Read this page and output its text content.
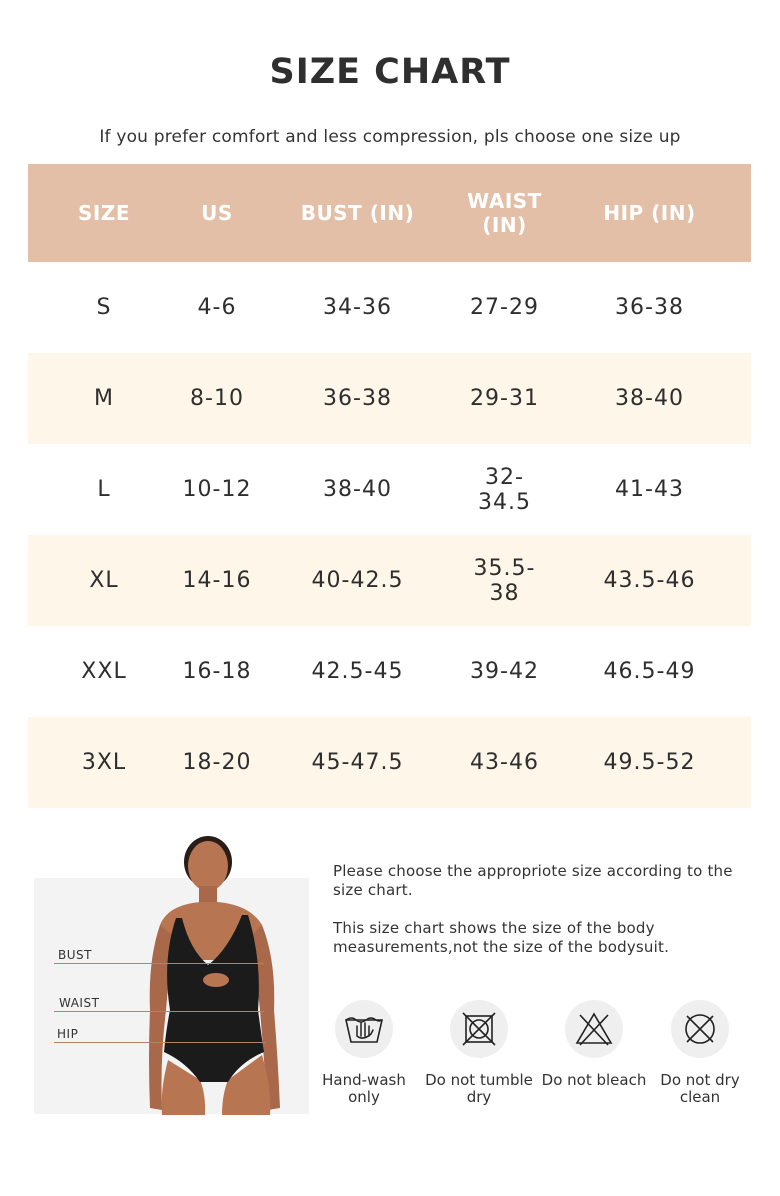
SIZE CHART
If you prefer comfort and less compression, pls choose one size up
SIZE	US	BUST (IN)	WAIST (IN)	HIP (IN)
S	4-6	34-36	27-29	36-38
M	8-10	36-38	29-31	38-40
L	10-12	38-40	32-34.5	41-43
XL	14-16	40-42.5	35.5-38	43.5-46
XXL	16-18	42.5-45	39-42	46.5-49
3XL	18-20	45-47.5	43-46	49.5-52
BUST
WAIST
HIP
Please choose the appropriote size according to the size chart.
This size chart shows the size of the body measurements,not the size of the bodysuit.
Hand-wash only
Do not tumble dry
Do not bleach Do not dry clean
